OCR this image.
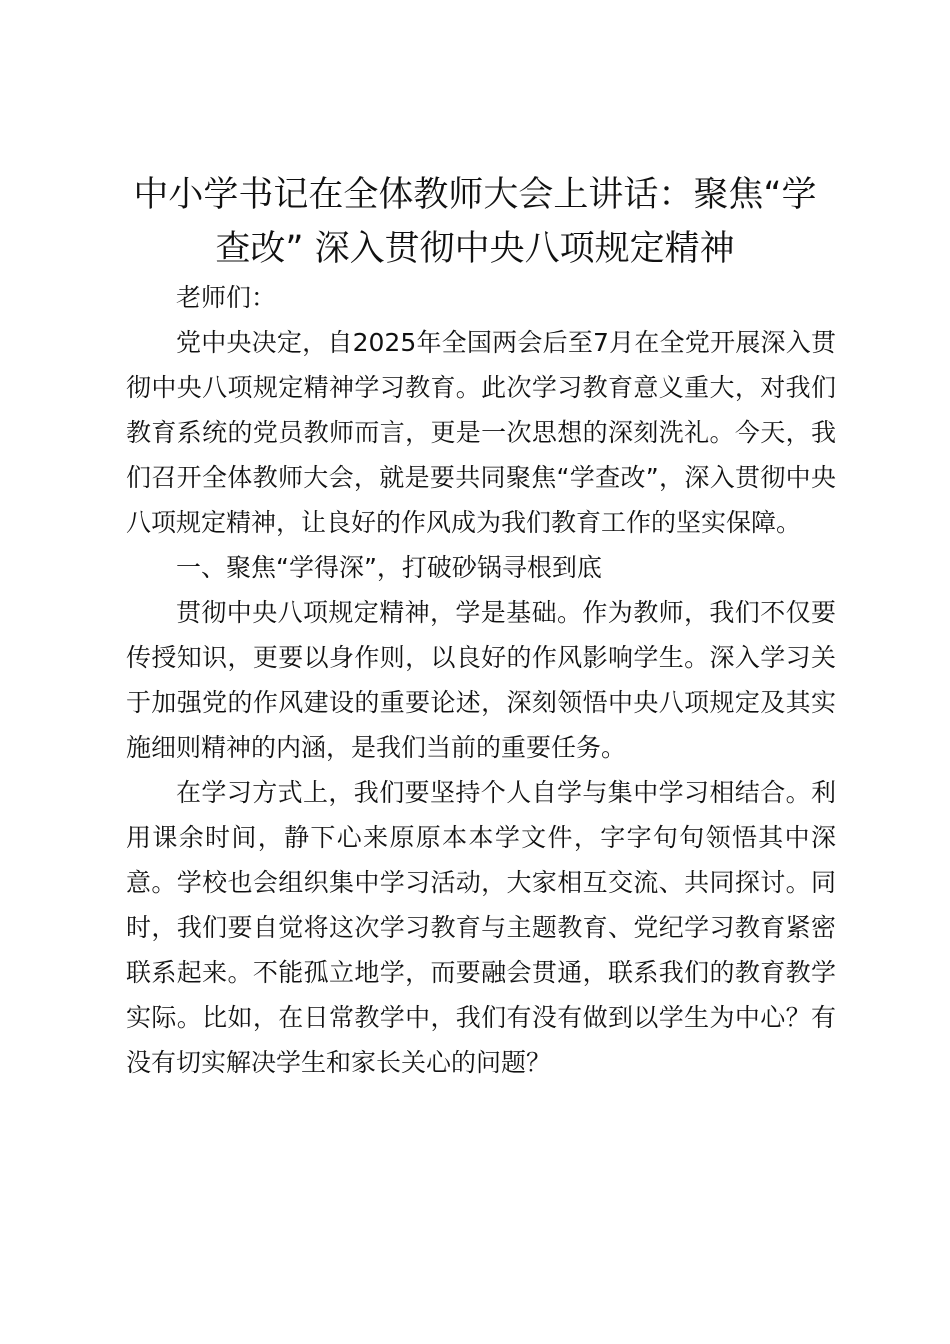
中小学书记在全体教师大会上讲话：聚焦“学查改” 深入贯彻中央八项规定精神

老师们：

党中央决定，自2025年全国两会后至7月在全党开展深入贯彻中央八项规定精神学习教育。此次学习教育意义重大，对我们教育系统的党员教师而言，更是一次思想的深刻洗礼。今天，我们召开全体教师大会，就是要共同聚焦“学查改”，深入贯彻中央八项规定精神，让良好的作风成为我们教育工作的坚实保障。

一、聚焦“学得深”，打破砂锅寻根到底

贯彻中央八项规定精神，学是基础。作为教师，我们不仅要传授知识，更要以身作则，以良好的作风影响学生。深入学习关于加强党的作风建设的重要论述，深刻领悟中央八项规定及其实施细则精神的内涵，是我们当前的重要任务。

在学习方式上，我们要坚持个人自学与集中学习相结合。利用课余时间，静下心来原原本本学文件，字字句句领悟其中深意。学校也会组织集中学习活动，大家相互交流、共同探讨。同时，我们要自觉将这次学习教育与主题教育、党纪学习教育紧密联系起来。不能孤立地学，而要融会贯通，联系我们的教育教学实际。比如，在日常教学中，我们有没有做到以学生为中心？有没有切实解决学生和家长关心的问题？
